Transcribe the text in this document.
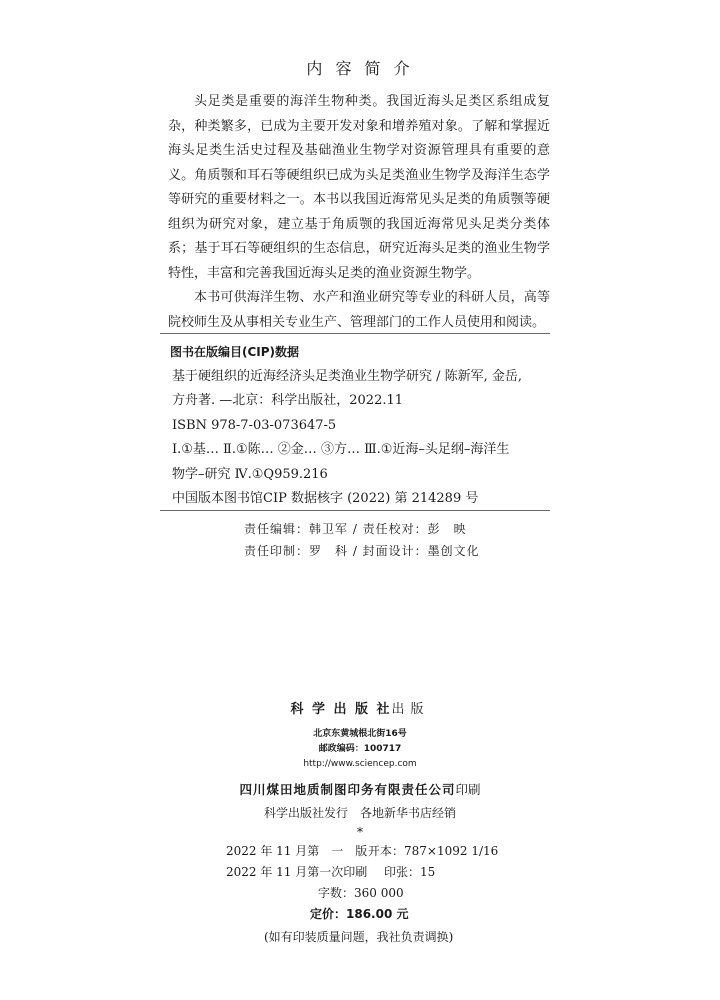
内 容 简 介

头足类是重要的海洋生物种类。我国近海头足类区系组成复杂，种类繁多，已成为主要开发对象和增养殖对象。了解和掌握近海头足类生活史过程及基础渔业生物学对资源管理具有重要的意义。角质颚和耳石等硬组织已成为头足类渔业生物学及海洋生态学等研究的重要材料之一。本书以我国近海常见头足类的角质颚等硬组织为研究对象，建立基于角质颚的我国近海常见头足类分类体系；基于耳石等硬组织的生态信息，研究近海头足类的渔业生物学特性，丰富和完善我国近海头足类的渔业资源生物学。

本书可供海洋生物、水产和渔业研究等专业的科研人员，高等院校师生及从事相关专业生产、管理部门的工作人员使用和阅读。

图书在版编目(CIP)数据
基于硬组织的近海经济头足类渔业生物学研究 / 陈新军, 金岳,
方舟著. —北京：科学出版社，2022.11
ISBN 978-7-03-073647-5
Ⅰ.①基… Ⅱ.①陈… ②金… ③方… Ⅲ.①近海–头足纲–海洋生
物学–研究 Ⅳ.①Q959.216
中国版本图书馆CIP 数据核字 (2022) 第 214289 号
责任编辑：韩卫军 / 责任校对：彭　映
责任印制：罗　科 / 封面设计：墨创文化
科 学 出 版 社出版
北京东黄城根北街16号
邮政编码：100717
http://www.sciencep.com
四川煤田地质制图印务有限责任公司印刷
科学出版社发行　各地新华书店经销
*
2022 年 11 月第　一　版 开本：787×1092 1/16
2022 年 11 月第一次印刷 印张：15
字数：360 000
定价：186.00 元
(如有印装质量问题，我社负责调换)
